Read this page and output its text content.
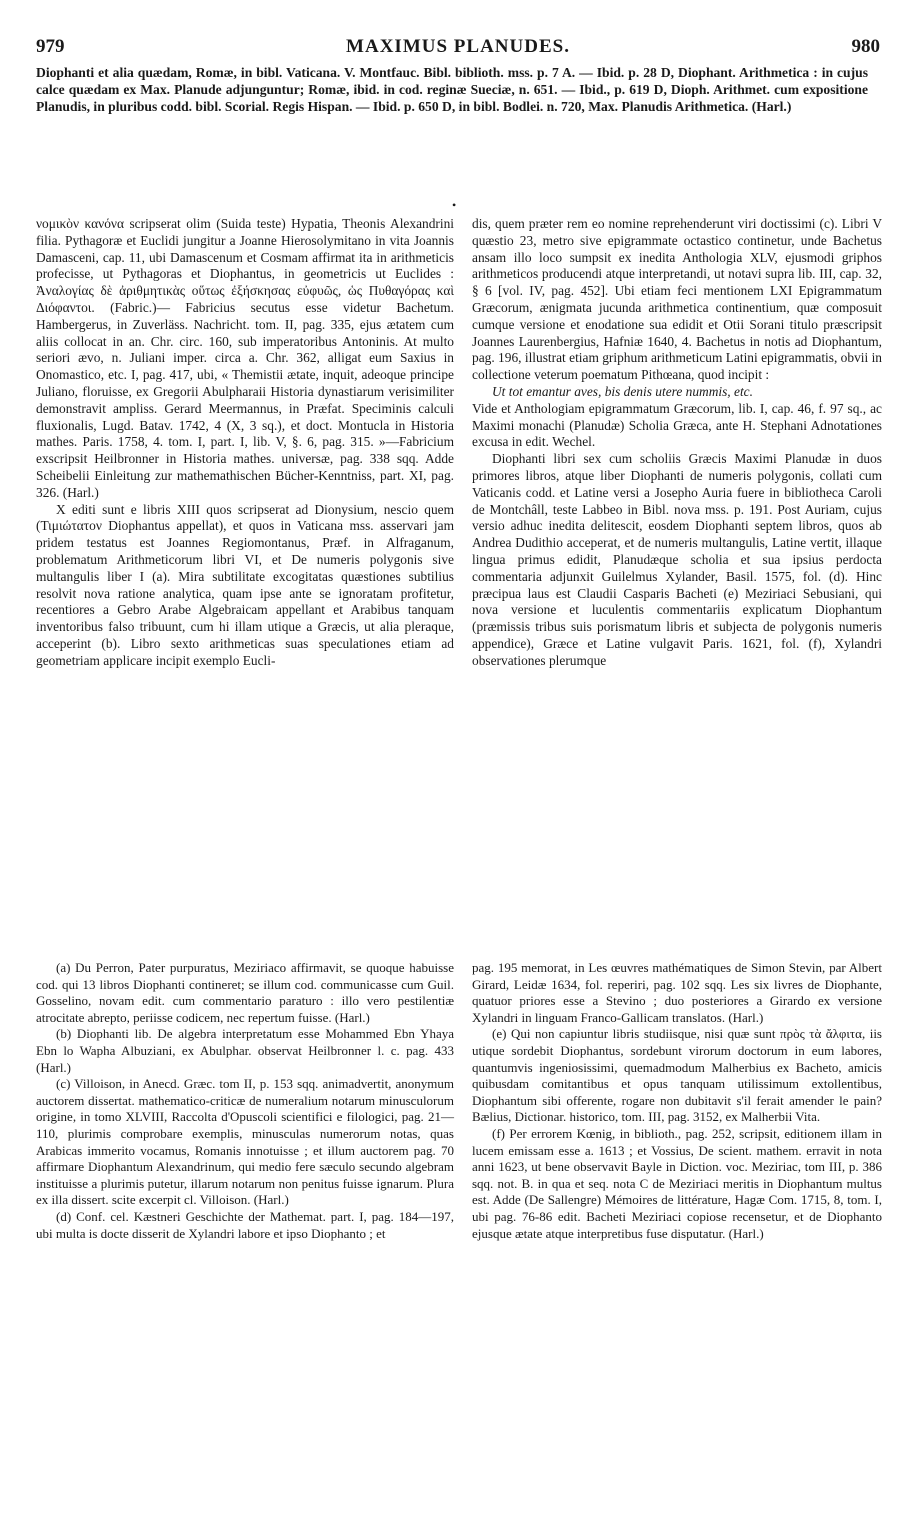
979	MAXIMUS PLANUDES.	980
Diophanti et alia quædam, Romæ, in bibl. Vaticana. V. Montfauc. Bibl. biblioth. mss. p. 7 A. — Ibid. p. 28 D, Diophant. Arithmetica : in cujus calce quædam ex Max. Planude adjunguntur; Romæ, ibid. in cod. reginæ Sueciæ, n. 651. — Ibid., p. 619 D, Dioph. Arithmet. cum expositione Planudis, in pluribus codd. bibl. Scorial. Regis Hispan. — Ibid. p. 650 D, in bibl. Bodlei. n. 720, Max. Planudis Arithmetica. (Harl.)
•

νομικὸν κανόνα scripserat olim (Suida teste) Hypatia, Theonis Alexandrini filia. Pythagoræ et Euclidi jungitur a Joanne Hierosolymitano in vita Joannis Damasceni, cap. 11, ubi Damascenum et Cosmam affirmat ita in arithmeticis profecisse, ut Pythagoras et Diophantus, in geometricis ut Euclides : Ἀναλογίας δὲ ἀριθμητικὰς οὕτως ἐξήσκησας εὐφυῶς, ὡς Πυθαγόρας καὶ Διόφαντοι. (Fabric.)— Fabricius secutus esse videtur Bachetum. Hambergerus, in Zuverläss. Nachricht. tom. II, pag. 335, ejus ætatem cum aliis collocat in an. Chr. circ. 160, sub imperatoribus Antoninis. At multo seriori ævo, n. Juliani imper. circa a. Chr. 362, alligat eum Saxius in Onomastico, etc. I, pag. 417, ubi, « Themistii ætate, inquit, adeoque principe Juliano, floruisse, ex Gregorii Abulpharaii Historia dynastiarum verisimiliter demonstravit ampliss. Gerard Meermannus, in Præfat. Speciminis calculi fluxionalis, Lugd. Batav. 1742, 4 (X, 3 sq.), et doct. Montucla in Historia mathes. Paris. 1758, 4. tom. I, part. I, lib. V, §. 6, pag. 315. »—Fabricium exscripsit Heilbronner in Historia mathes. universæ, pag. 338 sqq. Adde Scheibelii Einleitung zur mathemathischen Bücher-Kenntniss, part. XI, pag. 326. (Harl.)

X editi sunt e libris XIII quos scripserat ad Dionysium, nescio quem (Τιμιώτατον Diophantus appellat), et quos in Vaticana mss. asservari jam pridem testatus est Joannes Regiomontanus, Præf. in Alfraganum, problematum Arithmeticorum libri VI, et De numeris polygonis sive multangulis liber I (a). Mira subtilitate excogitatas quæstiones subtilius resolvit nova ratione analytica, quam ipse ante se ignoratam profitetur, recentiores a Gebro Arabe Algebraicam appellant et Arabibus tanquam inventoribus falso tribuunt, cum hi illam utique a Græcis, ut alia pleraque, acceperint (b). Libro sexto arithmeticas suas speculationes etiam ad geometriam applicare incipit exemplo Eucli-

dis, quem præter rem eo nomine reprehenderunt viri doctissimi (c). Libri V quæstio 23, metro sive epigrammate octastico continetur, unde Bachetus ansam illo loco sumpsit ex inedita Anthologia XLV, ejusmodi griphos arithmeticos producendi atque interpretandi, ut notavi supra lib. III, cap. 32, § 6 [vol. IV, pag. 452]. Ubi etiam feci mentionem LXI Epigrammatum Græcorum, ænigmata jucunda arithmetica continentium, quæ composuit cumque versione et enodatione sua edidit et Otii Sorani titulo præscripsit Joannes Laurenbergius, Hafniæ 1640, 4. Bachetus in notis ad Diophantum, pag. 196, illustrat etiam griphum arithmeticum Latini epigrammatis, obvii in collectione veterum poematum Pithœana, quod incipit :

Ut tot emantur aves, bis denis utere nummis, etc.

Vide et Anthologiam epigrammatum Græcorum, lib. I, cap. 46, f. 97 sq., ac Maximi monachi (Planudæ) Scholia Græca, ante H. Stephani Adnotationes excusa in edit. Wechel.

Diophanti libri sex cum scholiis Græcis Maximi Planudæ in duos primores libros, atque liber Diophanti de numeris polygonis, collati cum Vaticanis codd. et Latine versi a Josepho Auria fuere in bibliotheca Caroli de Montchâll, teste Labbeo in Bibl. nova mss. p. 191. Post Auriam, cujus versio adhuc inedita delitescit, eosdem Diophanti septem libros, quos ab Andrea Dudithio acceperat, et de numeris multangulis, Latine vertit, illaque lingua primus edidit, Planudæque scholia et sua ipsius perdocta commentaria adjunxit Guilelmus Xylander, Basil. 1575, fol. (d). Hinc præcipua laus est Claudii Casparis Bacheti (e) Meziriaci Sebusiani, qui nova versione et luculentis commentariis explicatum Diophantum (præmissis tribus suis porismatum libris et subjecta de polygonis numeris appendice), Græce et Latine vulgavit Paris. 1621, fol. (f), Xylandri observationes plerumque

(a) Du Perron, Pater purpuratus, Meziriaco affirmavit, se quoque habuisse cod. qui 13 libros Diophanti contineret; se illum cod. communicasse cum Guil. Gosselino, novam edit. cum commentario paraturo : illo vero pestilentiæ atrocitate abrepto, periisse codicem, nec repertum fuisse. (Harl.)

(b) Diophanti lib. De algebra interpretatum esse Mohammed Ebn Yhaya Ebn lo Wapha Albuziani, ex Abulphar. observat Heilbronner l. c. pag. 433 (Harl.)

(c) Villoison, in Anecd. Græc. tom II, p. 153 sqq. animadvertit, anonymum auctorem dissertat. mathematico-criticæ de numeralium notarum minusculorum origine, in tomo XLVIII, Raccolta d'Opuscoli scientifici e filologici, pag. 21—110, plurimis comprobare exemplis, minusculas numerorum notas, quas Arabicas immerito vocamus, Romanis innotuisse ; et illum auctorem pag. 70 affirmare Diophantum Alexandrinum, qui medio fere sæculo secundo algebram instituisse a plurimis putetur, illarum notarum non penitus fuisse ignarum. Plura ex illa dissert. scite excerpit cl. Villoison. (Harl.)

(d) Conf. cel. Kæstneri Geschichte der Mathemat. part. I, pag. 184—197, ubi multa is docte disserit de Xylandri labore et ipso Diophanto ; et

pag. 195 memorat, in Les œuvres mathématiques de Simon Stevin, par Albert Girard, Leidæ 1634, fol. reperiri, pag. 102 sqq. Les six livres de Diophante, quatuor priores esse a Stevino ; duo posteriores a Girardo ex versione Xylandri in linguam Franco-Gallicam translatos. (Harl.)

(e) Qui non capiuntur libris studiisque, nisi quæ sunt πρὸς τὰ ἄλφιτα, iis utique sordebit Diophantus, sordebunt virorum doctorum in eum labores, quantumvis ingeniosissimi, quemadmodum Malherbius ex Bacheto, amicis quibusdam comitantibus et opus tanquam utilissimum extollentibus, Diophantum sibi offerente, rogare non dubitavit s'il ferait amender le pain? Bælius, Dictionar. historico, tom. III, pag. 3152, ex Malherbii Vita.

(f) Per errorem Kœnig, in biblioth., pag. 252, scripsit, editionem illam in lucem emissam esse a. 1613 ; et Vossius, De scient. mathem. erravit in nota anni 1623, ut bene observavit Bayle in Diction. voc. Meziriac, tom III, p. 386 sqq. not. B. in qua et seq. nota C de Meziriaci meritis in Diophantum multus est. Adde (De Sallengre) Mémoires de littérature, Hagæ Com. 1715, 8, tom. I, ubi pag. 76-86 edit. Bacheti Meziriaci copiose recensetur, et de Diophanto ejusque ætate atque interpretibus fuse disputatur. (Harl.)
